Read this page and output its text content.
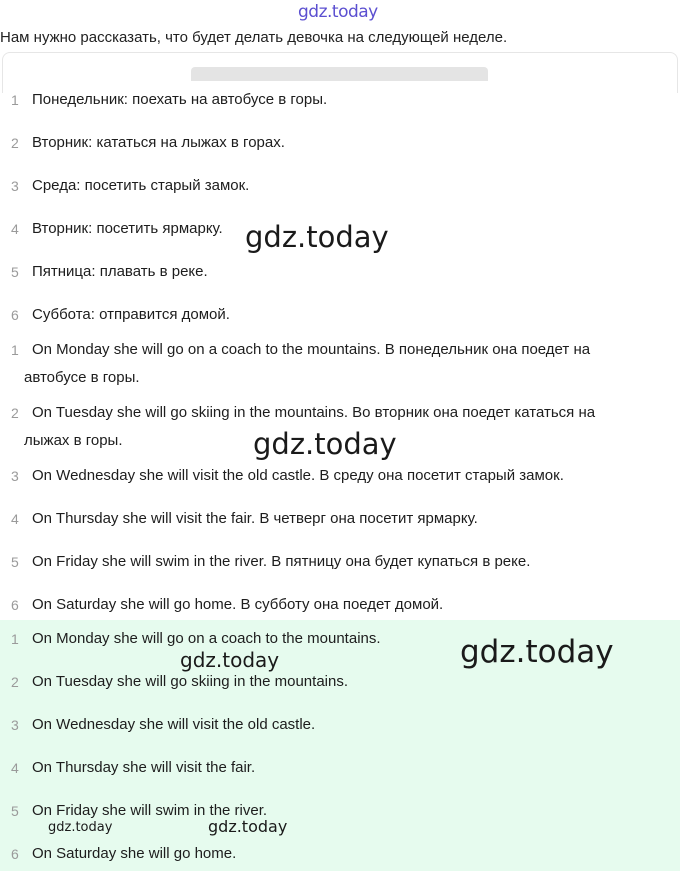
gdz.today
Нам нужно рассказать, что будет делать девочка на следующей неделе.
1 Понедельник: поехать на автобусе в горы.
2 Вторник: кататься на лыжах в горах.
3 Среда: посетить старый замок.
4 Вторник: посетить ярмарку.
5 Пятница: плавать в реке.
6 Суббота: отправится домой.
1 On Monday she will go on a coach to the mountains. В понедельник она поедет на
автобусе в горы.
2 On Tuesday she will go skiing in the mountains. Во вторник она поедет кататься на
лыжах в горы.
3 On Wednesday she will visit the old castle. В среду она посетит старый замок.
4 On Thursday she will visit the fair. В четверг она посетит ярмарку.
5 On Friday she will swim in the river. В пятницу она будет купаться в реке.
6 On Saturday she will go home. В субботу она поедет домой.
1 On Monday she will go on a coach to the mountains.
2 On Tuesday she will go skiing in the mountains.
3 On Wednesday she will visit the old castle.
4 On Thursday she will visit the fair.
5 On Friday she will swim in the river.
6 On Saturday she will go home.
gdz.today
gdz.today
gdz.today	gdz.today
gdz.today	gdz.today
